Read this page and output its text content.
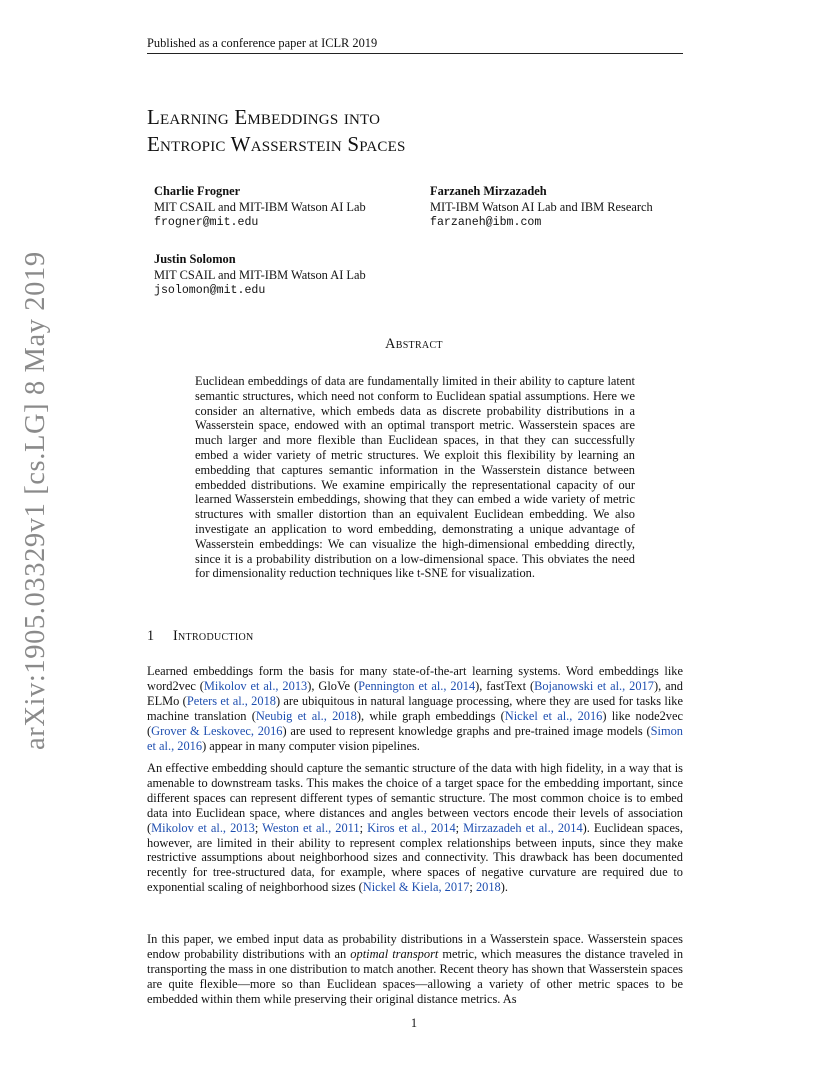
Published as a conference paper at ICLR 2019
Learning Embeddings into
Entropic Wasserstein Spaces
Charlie Frogner
MIT CSAIL and MIT-IBM Watson AI Lab
frogner@mit.edu
Farzaneh Mirzazadeh
MIT-IBM Watson AI Lab and IBM Research
farzaneh@ibm.com
Justin Solomon
MIT CSAIL and MIT-IBM Watson AI Lab
jsolomon@mit.edu
Abstract

Euclidean embeddings of data are fundamentally limited in their ability to capture latent semantic structures, which need not conform to Euclidean spatial assumptions. Here we consider an alternative, which embeds data as discrete probability distributions in a Wasserstein space, endowed with an optimal transport metric. Wasserstein spaces are much larger and more flexible than Euclidean spaces, in that they can successfully embed a wider variety of metric structures. We exploit this flexibility by learning an embedding that captures semantic information in the Wasserstein distance between embedded distributions. We examine empirically the representational capacity of our learned Wasserstein embeddings, showing that they can embed a wide variety of metric structures with smaller distortion than an equivalent Euclidean embedding. We also investigate an application to word embedding, demonstrating a unique advantage of Wasserstein embeddings: We can visualize the high-dimensional embedding directly, since it is a probability distribution on a low-dimensional space. This obviates the need for dimensionality reduction techniques like t-SNE for visualization.

1 Introduction

Learned embeddings form the basis for many state-of-the-art learning systems. Word embeddings like word2vec (Mikolov et al., 2013), GloVe (Pennington et al., 2014), fastText (Bojanowski et al., 2017), and ELMo (Peters et al., 2018) are ubiquitous in natural language processing, where they are used for tasks like machine translation (Neubig et al., 2018), while graph embeddings (Nickel et al., 2016) like node2vec (Grover & Leskovec, 2016) are used to represent knowledge graphs and pre-trained image models (Simon et al., 2016) appear in many computer vision pipelines.

An effective embedding should capture the semantic structure of the data with high fidelity, in a way that is amenable to downstream tasks. This makes the choice of a target space for the embedding important, since different spaces can represent different types of semantic structure. The most common choice is to embed data into Euclidean space, where distances and angles between vectors encode their levels of association (Mikolov et al., 2013; Weston et al., 2011; Kiros et al., 2014; Mirzazadeh et al., 2014). Euclidean spaces, however, are limited in their ability to represent complex relationships between inputs, since they make restrictive assumptions about neighborhood sizes and connectivity. This drawback has been documented recently for tree-structured data, for example, where spaces of negative curvature are required due to exponential scaling of neighborhood sizes (Nickel & Kiela, 2017; 2018).

In this paper, we embed input data as probability distributions in a Wasserstein space. Wasserstein spaces endow probability distributions with an optimal transport metric, which measures the distance traveled in transporting the mass in one distribution to match another. Recent theory has shown that Wasserstein spaces are quite flexible—more so than Euclidean spaces—allowing a variety of other metric spaces to be embedded within them while preserving their original distance metrics. As

1
arXiv:1905.03329v1 [cs.LG] 8 May 2019
